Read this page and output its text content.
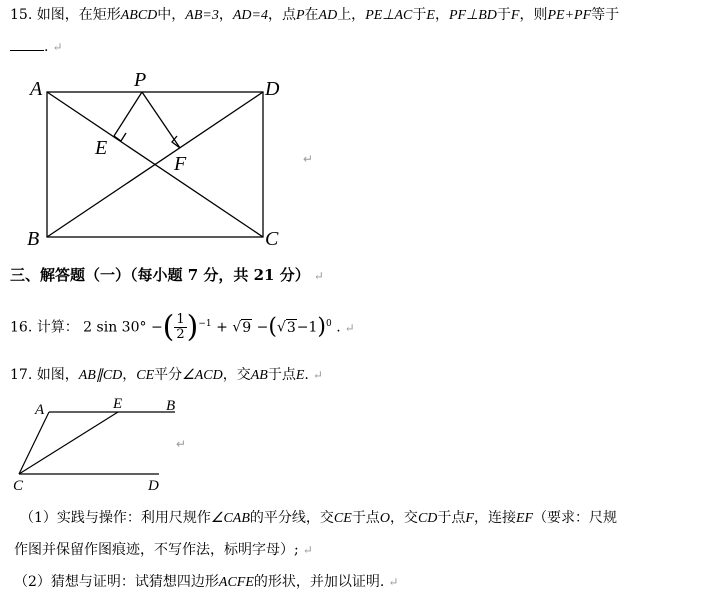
15. 如图，在矩形ABCD中，AB=3，AD=4，点P在AD上，PE⊥AC于E，PF⊥BD于F，则PE+PF等于
. ↵
A
B	C
D
P
E
F	↵
三、解答题（一）（每小题 7 分，共 21 分） ↵
16. 计算： 2 sin 30° −( $\frac{1}{2} )^{-1} + √9 -(√3-1)^0$ . ↵
17. 如图，AB∥CD，CE平分∠ACD，交AB于点E. ↵
A	E	B
C	D
↵
（1）实践与操作：利用尺规作∠CAB的平分线，交CE于点O，交CD于点F，连接EF（要求：尺规
作图并保留作图痕迹，不写作法，标明字母）; ↵
（2）猜想与证明：试猜想四边形ACFE的形状，并加以证明. ↵
